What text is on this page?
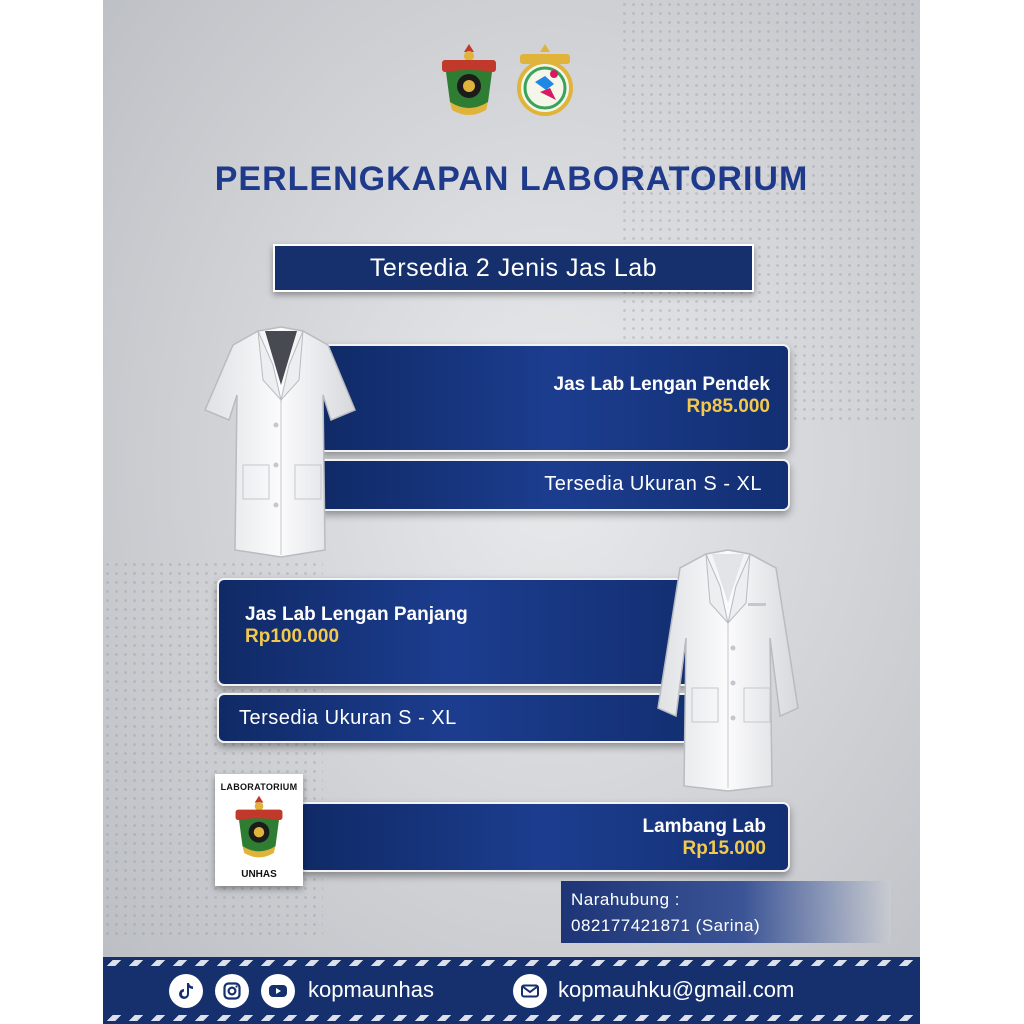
PERLENGKAPAN LABORATORIUM
Tersedia 2 Jenis Jas Lab
Jas Lab Lengan Pendek
Rp85.000
Tersedia Ukuran S - XL
Jas Lab Lengan Panjang
Rp100.000
Tersedia Ukuran S - XL
Lambang Lab
Rp15.000
LABORATORIUM
UNHAS
Narahubung :
082177421871 (Sarina)
kopmaunhas	kopmauhku@gmail.com
